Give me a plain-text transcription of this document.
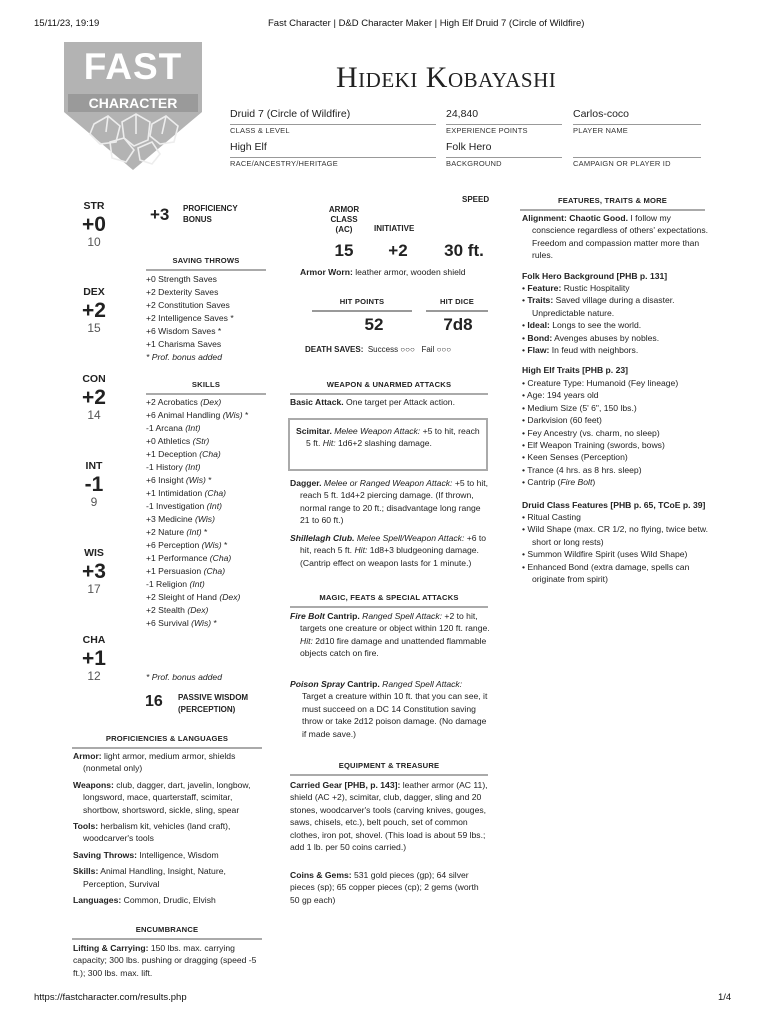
15/11/23, 19:19	Fast Character | D&D Character Maker | High Elf Druid 7 (Circle of Wildfire)
https://fastcharacter.com/results.php	1/4
FAST
CHARACTER
Hideki Kobayashi
Druid 7 (Circle of Wildfire)
CLASS & LEVEL
24,840
EXPERIENCE POINTS
Carlos-coco
PLAYER NAME
High Elf
RACE/ANCESTRY/HERITAGE
Folk Hero
BACKGROUND	CAMPAIGN OR PLAYER ID
STR
+0
10
DEX
+2
15
CON
+2
14
INT
-1
9
WIS
+3
17
CHA
+1
12
+3 PROFICIENCY
BONUS
SAVING THROWS
+0 Strength Saves
+2 Dexterity Saves
+2 Constitution Saves
+2 Intelligence Saves *
+6 Wisdom Saves *
+1 Charisma Saves
* Prof. bonus added
SKILLS
+2 Acrobatics (Dex)
+6 Animal Handling (Wis) *
-1 Arcana (Int)
+0 Athletics (Str)
+1 Deception (Cha)
-1 History (Int)
+6 Insight (Wis) *
+1 Intimidation (Cha)
-1 Investigation (Int)
+3 Medicine (Wis)
+2 Nature (Int) *
+6 Perception (Wis) *
+1 Performance (Cha)
+1 Persuasion (Cha)
-1 Religion (Int)
+2 Sleight of Hand (Dex)
+2 Stealth (Dex)
+6 Survival (Wis) *
* Prof. bonus added
16 PASSIVE WISDOM
(PERCEPTION)
PROFICIENCIES & LANGUAGES

Armor: light armor, medium armor, shields (nonmetal only)

Weapons: club, dagger, dart, javelin, longbow, longsword, mace, quarterstaff, scimitar, shortbow, shortsword, sickle, sling, spear

Tools: herbalism kit, vehicles (land craft), woodcarver's tools

Saving Throws: Intelligence, Wisdom

Skills: Animal Handling, Insight, Nature, Perception, Survival

Languages: Common, Drudic, Elvish

ENCUMBRANCE
Lifting & Carrying: 150 lbs. max. carrying capacity; 300 lbs. pushing or dragging (speed -5 ft.); 300 lbs. max. lift.
SPEED
ARMOR
CLASS
(AC)	INITIATIVE
15	+2	30 ft.
Armor Worn: leather armor, wooden shield
HIT POINTS	HIT DICE
52	7d8
DEATH SAVES: Success ○○○ Fail ○○○
WEAPON & UNARMED ATTACKS
Basic Attack. One target per Attack action.

Scimitar. Melee Weapon Attack: +5 to hit, reach 5 ft. Hit: 1d6+2 slashing damage.

Dagger. Melee or Ranged Weapon Attack: +5 to hit, reach 5 ft. 1d4+2 piercing damage. (If thrown, normal range to 20 ft.; disadvantage long range 21 to 60 ft.)

Shillelagh Club. Melee Spell/Weapon Attack: +6 to hit, reach 5 ft. Hit: 1d8+3 bludgeoning damage. (Cantrip effect on weapon lasts for 1 minute.)

MAGIC, FEATS & SPECIAL ATTACKS

Fire Bolt Cantrip. Ranged Spell Attack: +2 to hit, targets one creature or object within 120 ft. range. Hit: 2d10 fire damage and unattended flammable objects catch on fire.

Poison Spray Cantrip. Ranged Spell Attack:

Target a creature within 10 ft. that you can see, it must succeed on a DC 14 Constitution saving throw or take 2d12 poison damage. (No damage if made save.)

EQUIPMENT & TREASURE
Carried Gear [PHB, p. 143]: leather armor (AC 11), shield (AC +2), scimitar, club, dagger, sling and 20 stones, woodcarver's tools (carving knives, gouges, saws, chisels, etc.), belt pouch, set of common clothes, iron pot, shovel. (This load is about 59 lbs.; add 1 lb. per 50 coins carried.)
Coins & Gems: 531 gold pieces (gp); 64 silver pieces (sp); 65 copper pieces (cp); 2 gems (worth 50 gp each)
FEATURES, TRAITS & MORE

Alignment: Chaotic Good. I follow my conscience regardless of others' expectations. Freedom and compassion matter more than rules.

Folk Hero Background [PHB p. 131]

• Feature: Rustic Hospitality

• Traits: Saved village during a disaster. Unpredictable nature.

• Ideal: Longs to see the world.

• Bond: Avenges abuses by nobles.

• Flaw: In feud with neighbors.

High Elf Traits [PHB p. 23]

• Creature Type: Humanoid (Fey lineage)

• Age: 194 years old

• Medium Size (5' 6", 150 lbs.)

• Darkvision (60 feet)

• Fey Ancestry (vs. charm, no sleep)

• Elf Weapon Training (swords, bows)

• Keen Senses (Perception)

• Trance (4 hrs. as 8 hrs. sleep)

• Cantrip (Fire Bolt)

Druid Class Features [PHB p. 65, TCoE p. 39]

• Ritual Casting

• Wild Shape (max. CR 1/2, no flying, twice betw. short or long rests)

• Summon Wildfire Spirit (uses Wild Shape)

• Enhanced Bond (extra damage, spells can originate from spirit)
